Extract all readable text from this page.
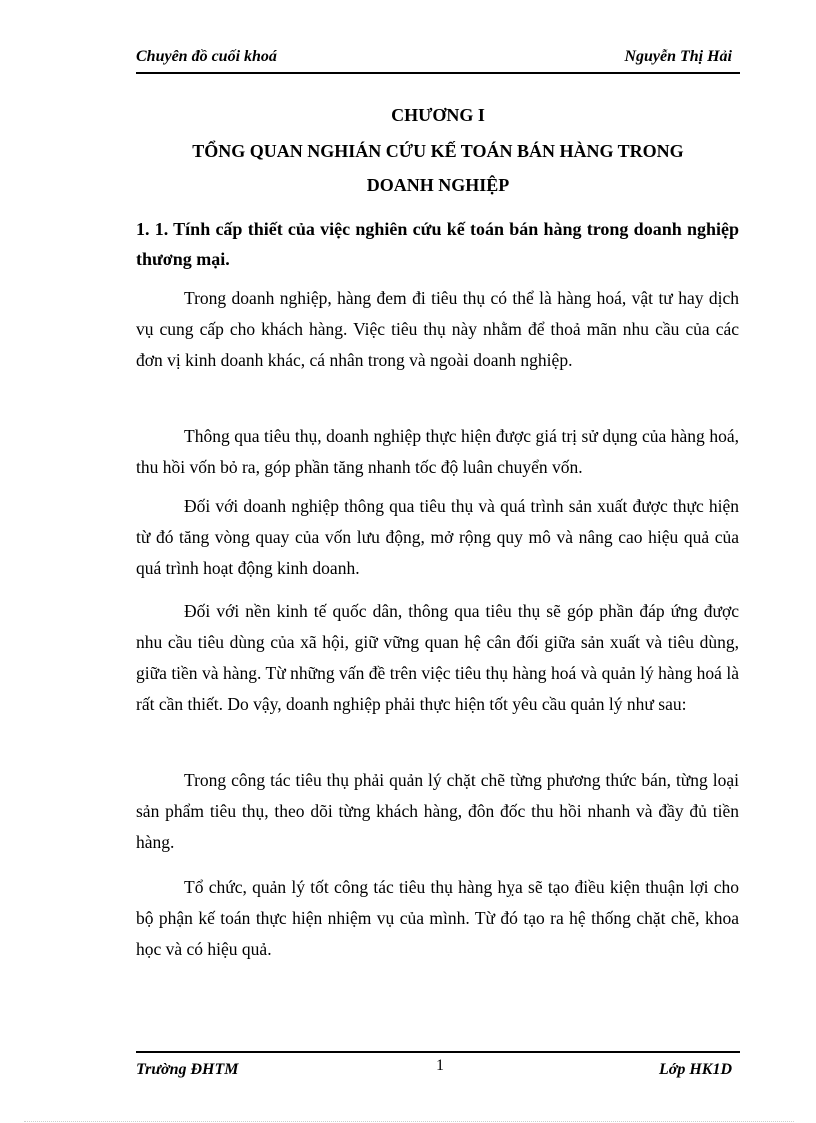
Chuyên đồ cuối khoá	Nguyễn Thị Hải
CHƯƠNG I
TỔNG QUAN NGHIÁN CỨU KẾ TOÁN BÁN HÀNG TRONG
DOANH NGHIỆP
1. 1. Tính cấp thiết của việc nghiên cứu kế toán bán hàng trong doanh nghiệp thương mại.

Trong doanh nghiệp, hàng đem đi tiêu thụ có thể là hàng hoá, vật tư hay dịch vụ cung cấp cho khách hàng. Việc tiêu thụ này nhằm để thoả mãn nhu cầu của các đơn vị kinh doanh khác, cá nhân trong và ngoài doanh nghiệp.

Thông qua tiêu thụ, doanh nghiệp thực hiện được giá trị sử dụng của hàng hoá, thu hồi vốn bỏ ra, góp phần tăng nhanh tốc độ luân chuyển vốn.

Đối với doanh nghiệp thông qua tiêu thụ và quá trình sản xuất được thực hiện từ đó tăng vòng quay của vốn lưu động, mở rộng quy mô và nâng cao hiệu quả của quá trình hoạt động kinh doanh.

Đối với nền kinh tế quốc dân, thông qua tiêu thụ sẽ góp phần đáp ứng được nhu cầu tiêu dùng của xã hội, giữ vững quan hệ cân đối giữa sản xuất và tiêu dùng, giữa tiền và hàng. Từ những vấn đề trên việc tiêu thụ hàng hoá và quản lý hàng hoá là rất cần thiết. Do vậy, doanh nghiệp phải thực hiện tốt yêu cầu quản lý như sau:

Trong công tác tiêu thụ phải quản lý chặt chẽ từng phương thức bán, từng loại sản phẩm tiêu thụ, theo dõi từng khách hàng, đôn đốc thu hồi nhanh và đầy đủ tiền hàng.

Tổ chức, quản lý tốt công tác tiêu thụ hàng hỵa sẽ tạo điều kiện thuận lợi cho bộ phận kế toán thực hiện nhiệm vụ của mình. Từ đó tạo ra hệ thống chặt chẽ, khoa học và có hiệu quả.

Trường ĐHTM	1	Lớp HK1D
